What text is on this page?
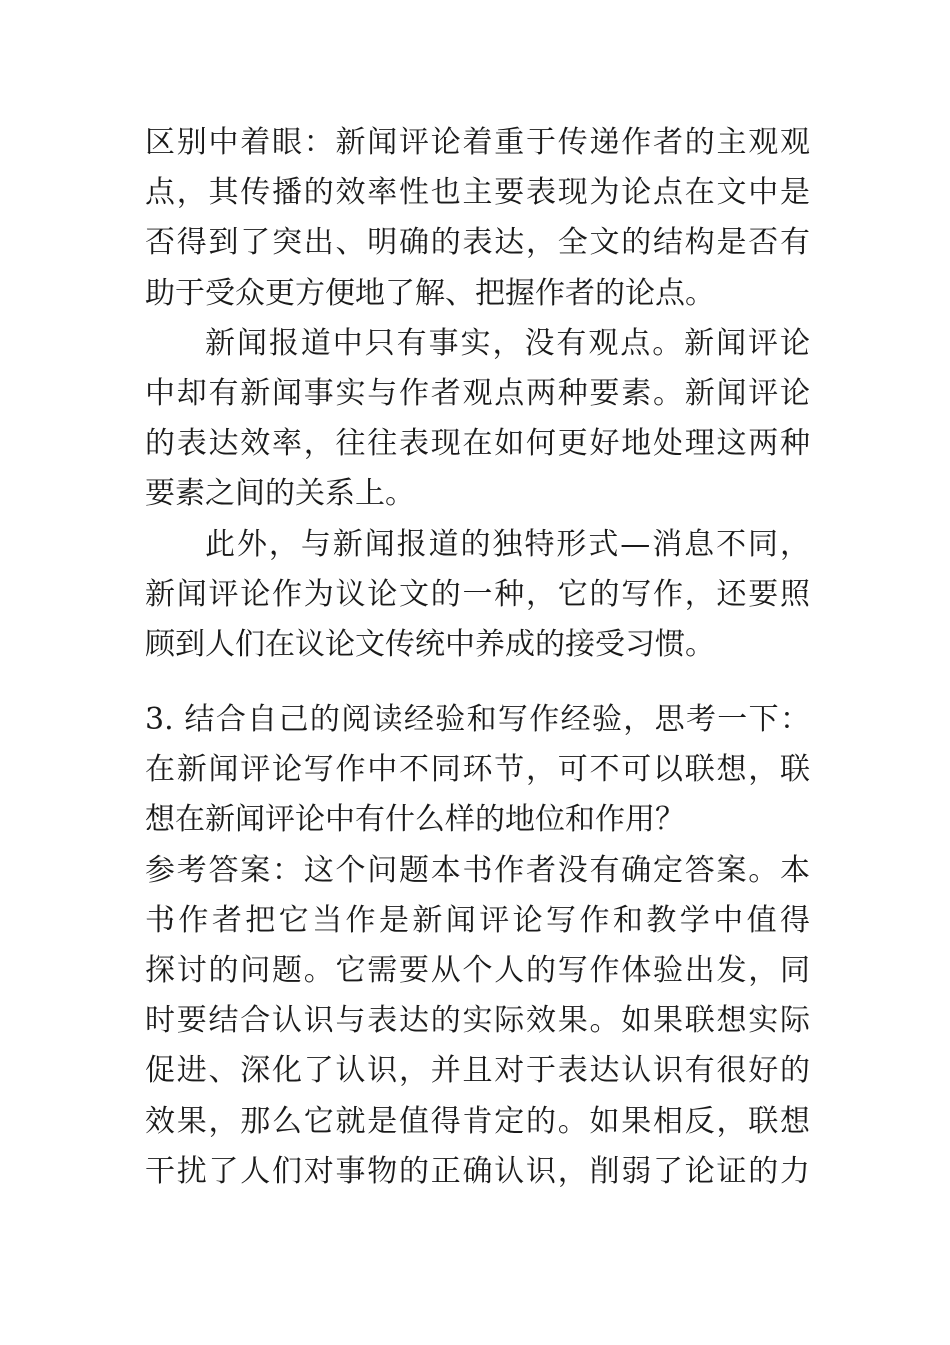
区别中着眼：新闻评论着重于传递作者的主观观
点，其传播的效率性也主要表现为论点在文中是
否得到了突出、明确的表达，全文的结构是否有
助于受众更方便地了解、把握作者的论点。
新闻报道中只有事实，没有观点。新闻评论
中却有新闻事实与作者观点两种要素。新闻评论
的表达效率，往往表现在如何更好地处理这两种
要素之间的关系上。
此外，与新闻报道的独特形式—消息不同，
新闻评论作为议论文的一种，它的写作，还要照
顾到人们在议论文传统中养成的接受习惯。
3. 结合自己的阅读经验和写作经验，思考一下：
在新闻评论写作中不同环节，可不可以联想，联
想在新闻评论中有什么样的地位和作用？
参考答案：这个问题本书作者没有确定答案。本
书作者把它当作是新闻评论写作和教学中值得
探讨的问题。它需要从个人的写作体验出发，同
时要结合认识与表达的实际效果。如果联想实际
促进、深化了认识，并且对于表达认识有很好的
效果，那么它就是值得肯定的。如果相反，联想
干扰了人们对事物的正确认识，削弱了论证的力
